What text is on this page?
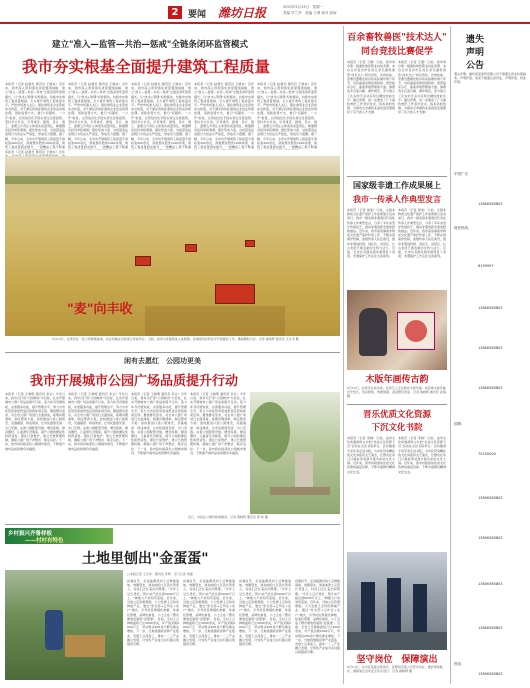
2	要闻 潍坊日报	2023年5月15日　星期一
责编 毕兰华　美编 王翠 校对 彭雨
建立"准入—监管—共治—惩戒"全链条闭环监管模式
我市夯实根基全面提升建筑工程质量
本报讯（记者 赵晨光 通讯员 王晓东）近年来，我市深入贯彻落实质量强国战略，建立"准入—监管—共治—惩戒"全链条闭环监管模式，以"技术+管理"双轮驱动，持续夯实建筑工程质量根基，全力提升建筑工程质量水平。严把市场准入关口，强化建筑业企业资质动态核查，对不满足资质标准的企业依法依规处理。创新监管方式，推行"双随机、一公开"检查，运用信息化手段实现全过程监管。坚持多方共治，引导建设、勘察、设计、施工、监理五方责任主体落实质量责任，畅通群众投诉举报渠道。强化惩戒力度，对质量违法违规行为依法从严查处，形成有力震慑。据了解，今年以来，全市共开展建筑工程质量专项检查200余次，排查整改隐患1000余项，建筑工程质量稳步提升，一批精品工程不断涌
本报讯（记者 赵晨光 通讯员 王晓东）近年来，我市深入贯彻落实质量强国战略，建立"准入—监管—共治—惩戒"全链条闭环监管模式，以"技术+管理"双轮驱动，持续夯实建筑工程质量根基，全力提升建筑工程质量水平。严把市场准入关口，强化建筑业企业资质动态核查，对不满足资质标准的企业依法依规处理。创新监管方式，推行"双随机、一公开"检查，运用信息化手段实现全过程监管。坚持多方共治，引导建设、勘察、设计、施工、监理五方责任主体落实质量责任，畅通群众投诉举报渠道。强化惩戒力度，对质量违法违规行为依法从严查处，形成有力震慑。据了解，今年以来，全市共开展建筑工程质量专项检查200余次，排查整改隐患1000余项，建筑工程质量稳步提升，一批精品工程不断涌
本报讯（记者 赵晨光 通讯员 王晓东）近年来，我市深入贯彻落实质量强国战略，建立"准入—监管—共治—惩戒"全链条闭环监管模式，以"技术+管理"双轮驱动，持续夯实建筑工程质量根基，全力提升建筑工程质量水平。严把市场准入关口，强化建筑业企业资质动态核查，对不满足资质标准的企业依法依规处理。创新监管方式，推行"双随机、一公开"检查，运用信息化手段实现全过程监管。坚持多方共治，引导建设、勘察、设计、施工、监理五方责任主体落实质量责任，畅通群众投诉举报渠道。强化惩戒力度，对质量违法违规行为依法从严查处，形成有力震慑。据了解，今年以来，全市共开展建筑工程质量专项检查200余次，排查整改隐患1000余项，建筑工程质量稳步提升，一批精品工程不断涌
本报讯（记者 赵晨光 通讯员 王晓东）近年来，我市深入贯彻落实质量强国战略，建立"准入—监管—共治—惩戒"全链条闭环监管模式，以"技术+管理"双轮驱动，持续夯实建筑工程质量根基，全力提升建筑工程质量水平。严把市场准入关口，强化建筑业企业资质动态核查，对不满足资质标准的企业依法依规处理。创新监管方式，推行"双随机、一公开"检查，运用信息化手段实现全过程监管。坚持多方共治，引导建设、勘察、设计、施工、监理五方责任主体落实质量责任，畅通群众投诉举报渠道。强化惩戒力度，对质量违法违规行为依法从严查处，形成有力震慑。据了解，今年以来，全市共开展建筑工程质量专项检查200余次，排查整改隐患1000余项，建筑工程质量稳步提升，一批精品工程不断涌
本报讯（记者 赵晨光 通讯员 王晓东）近年来，我市深入贯彻落实质量强国战略，建立"准入—监管—共治—惩戒"全链条闭环监管模式，以"技术+管理"双轮驱动，持续夯实建筑工程质量根基，全力提升建筑工程质量水平。严把市场准入关口，强化建筑业企业资质动态核查，对不满足资质标准的企业依法依规处理。创新监管方式，推行"双随机、一公开"检查，运用信息化手段实现全过程监管。坚持多方共治，引导建设、勘察、设计、施工、监理五方责任主体落实质量责任，畅通群众投诉举报渠道。强化惩戒力度，对质量违法违规行为依法从严查处，形成有力震慑。据了解，今年以来，全市共开展建筑工程质量专项检查200余次，排查整改隐患1000余项，建筑工程质量稳步提升，一批精品工程不断涌
本报讯（记者 赵晨光 通讯员 王晓东）近年
"麦"向丰收
5月14日，在寒亭区一处小麦种植基地，农业机械在田间进行麦收作业。当前，我市小麦陆续进入成熟期，各地组织农机有序开展夏收工作，确保颗粒归仓。记者 鲁晓辉 通讯员 王文平 摄
闲有去愿红　公园功更美
我市开展城市公园广场品质提升行动
本报讯（记者 王晓明 通讯员 李达）今年以来，我市以打造"公园城市"为目标，扎实开展城市公园广场品质提升行动，着力补齐设施短板，完善服务功能，提升管理水平，努力为市民营造更加舒适宜居的休闲空间。聚焦群众需求，对全市公园广场进行全面排查，梳理问题清单，制定整改方案。加快推进口袋公园建设，见缝插绿、拆违建绿，让市民推窗见绿、出门见园。完善公园配套设施，增设座椅、健身器材、儿童游乐设施等，提升公园的便民性和舒适性。强化日常管护，建立长效管理机制，确保公园广场干净整洁、秩序良好。下一步，我市将持续深化公园城市建设，不断提升城市品质和群众幸福感。
本报讯（记者 王晓明 通讯员 李达）今年以来，我市以打造"公园城市"为目标，扎实开展城市公园广场品质提升行动，着力补齐设施短板，完善服务功能，提升管理水平，努力为市民营造更加舒适宜居的休闲空间。聚焦群众需求，对全市公园广场进行全面排查，梳理问题清单，制定整改方案。加快推进口袋公园建设，见缝插绿、拆违建绿，让市民推窗见绿、出门见园。完善公园配套设施，增设座椅、健身器材、儿童游乐设施等，提升公园的便民性和舒适性。强化日常管护，建立长效管理机制，确保公园广场干净整洁、秩序良好。下一步，我市将持续深化公园城市建设，不断提升城市品质和群众幸福感。
本报讯（记者 王晓明 通讯员 李达）今年以来，我市以打造"公园城市"为目标，扎实开展城市公园广场品质提升行动，着力补齐设施短板，完善服务功能，提升管理水平，努力为市民营造更加舒适宜居的休闲空间。聚焦群众需求，对全市公园广场进行全面排查，梳理问题清单，制定整改方案。加快推进口袋公园建设，见缝插绿、拆违建绿，让市民推窗见绿、出门见园。完善公园配套设施，增设座椅、健身器材、儿童游乐设施等，提升公园的便民性和舒适性。强化日常管护，建立长效管理机制，确保公园广场干净整洁、秩序良好。下一步，我市将持续深化公园城市建设，不断提升城市品质和群众幸福感。
本报讯（记者 王晓明 通讯员 李达）今年以来，我市以打造"公园城市"为目标，扎实开展城市公园广场品质提升行动，着力补齐设施短板，完善服务功能，提升管理水平，努力为市民营造更加舒适宜居的休闲空间。聚焦群众需求，对全市公园广场进行全面排查，梳理问题清单，制定整改方案。加快推进口袋公园建设，见缝插绿、拆违建绿，让市民推窗见绿、出门见园。完善公园配套设施，增设座椅、健身器材、儿童游乐设施等，提升公园的便民性和舒适性。强化日常管护，建立长效管理机制，确保公园广场干净整洁、秩序良好。下一步，我市将持续深化公园城市建设，不断提升城市品质和群众幸福感。
近日，市民在公园内休闲健身。记者 鲁晓辉 通讯员 郭 炜 摄
乡村振兴齐鲁样板
——村村有特色
土地里刨出"金蛋蛋"
□本报记者 王文华　通讯员 李明　见习记者 刘强
初夏时节，走进临朐县的土豆种植基地，放眼望去，绿油油的土豆苗长势喜人，村民们正忙着田间管理。"今年土豆长势好，预计亩产能达到5000斤以上。"种植大户老刘笑着说。近年来，当地立足资源禀赋，大力发展土豆特色种植产业，通过"党支部+合作社+农户"模式，引导村民规模化种植、标准化管理、品牌化销售，小土豆成了群众增收致富的"金蛋蛋"。目前，全村土豆种植面积已达3000余亩，年产值突破2000万元，带动周边200余户群众就业增收。下一步，当地将继续延伸产业链条，发展土豆深加工，推动一二三产业融合发展，让特色产业成为乡村振兴的强劲引擎。
初夏时节，走进临朐县的土豆种植基地，放眼望去，绿油油的土豆苗长势喜人，村民们正忙着田间管理。"今年土豆长势好，预计亩产能达到5000斤以上。"种植大户老刘笑着说。近年来，当地立足资源禀赋，大力发展土豆特色种植产业，通过"党支部+合作社+农户"模式，引导村民规模化种植、标准化管理、品牌化销售，小土豆成了群众增收致富的"金蛋蛋"。目前，全村土豆种植面积已达3000余亩，年产值突破2000万元，带动周边200余户群众就业增收。下一步，当地将继续延伸产业链条，发展土豆深加工，推动一二三产业融合发展，让特色产业成为乡村振兴的强劲引擎。
初夏时节，走进临朐县的土豆种植基地，放眼望去，绿油油的土豆苗长势喜人，村民们正忙着田间管理。"今年土豆长势好，预计亩产能达到5000斤以上。"种植大户老刘笑着说。近年来，当地立足资源禀赋，大力发展土豆特色种植产业，通过"党支部+合作社+农户"模式，引导村民规模化种植、标准化管理、品牌化销售，小土豆成了群众增收致富的"金蛋蛋"。目前，全村土豆种植面积已达3000余亩，年产值突破2000万元，带动周边200余户群众就业增收。下一步，当地将继续延伸产业链条，发展土豆深加工，推动一二三产业融合发展，让特色产业成为乡村振兴的强劲引擎。
初夏时节，走进临朐县的土豆种植基地，放眼望去，绿油油的土豆苗长势喜人，村民们正忙着田间管理。"今年土豆长势好，预计亩产能达到5000斤以上。"种植大户老刘笑着说。近年来，当地立足资源禀赋，大力发展土豆特色种植产业，通过"党支部+合作社+农户"模式，引导村民规模化种植、标准化管理、品牌化销售，小土豆成了群众增收致富的"金蛋蛋"。目前，全村土豆种植面积已达3000余亩，年产值突破2000万元，带动周边200余户群众就业增收。下一步，当地将继续延伸产业链条，发展土豆深加工，推动一二三产业融合发展，让特色产业成为乡村振兴的强劲引擎。
百余畜牧兽医"技术达人"
同台竞技比赛促学
本报讯（记者 王刚）日前，我市举办第一届畜牧兽医职业技能竞赛，来自全市各县市区的百余名畜牧兽医"技术达人"同台竞技，比拼技能。竞赛设置理论知识和实际操作两个环节，内容涵盖动物疫病防控、兽医临床诊疗、畜禽养殖管理等方面。参赛选手沉着冷静、操作规范，充分展示了扎实的专业功底和过硬的技能水平。通过竞赛，进一步激发了广大畜牧兽医工作者学技术、练本领的热情，为推动全市畜牧业高质量发展提供了有力的人才支撑。
本报讯（记者 王刚）日前，我市举办第一届畜牧兽医职业技能竞赛，来自全市各县市区的百余名畜牧兽医"技术达人"同台竞技，比拼技能。竞赛设置理论知识和实际操作两个环节，内容涵盖动物疫病防控、兽医临床诊疗、畜禽养殖管理等方面。参赛选手沉着冷静、操作规范，充分展示了扎实的专业功底和过硬的技能水平。通过竞赛，进一步激发了广大畜牧兽医工作者学技术、练本领的热情，为推动全市畜牧业高质量发展提供了有力的人才支撑。
国家级非遗工作成果展上
我市一传承人作典型发言
本报讯（记者 徐加）日前，全国非物质文化遗产保护工作成果展示活动举行。我市一国家级非遗项目代表性传承人作典型发言，分享了多年来坚守传统技艺、推动非遗创新发展的经验做法。近年来，我市高度重视非物质文化遗产保护传承工作，不断完善保护机制，加强传承人队伍建设，推动非遗进校园、进社区、进景区，让古老技艺焕发新的生机与活力。目前，全市共有国家级非遗项目十余项，非遗保护工作走在全省前列。
本报讯（记者 徐加）日前，全国非物质文化遗产保护工作成果展示活动举行。我市一国家级非遗项目代表性传承人作典型发言，分享了多年来坚守传统技艺、推动非遗创新发展的经验做法。近年来，我市高度重视非物质文化遗产保护传承工作，不断完善保护机制，加强传承人队伍建设，推动非遗进校园、进社区、进景区，让古老技艺焕发新的生机与活力。目前，全市共有国家级非遗项目十余项，非遗保护工作走在全省前列。
木版年画传古韵
5月13日，在寒亭区杨家埠，民间艺人正在制作木版年画。杨家埠木版年画历史悠久，色彩鲜艳，构图饱满，深受群众喜爱。记者 鲁晓辉 通讯员 孙瑞 摄
晋乐优质文化资源
下沉文化书院
本报讯（记者 李晓）日前，由市文化和旅游局主办的"优质文化资源下沉"活动在文化书院举行。活动邀请专家学者走进书院，为市民带来精彩的文化讲座和文艺演出，让群众在家门口就能享受到丰富多彩的文化大餐。近年来，我市持续推动优质文化资源向基层延伸，不断丰富群众精神文化生活。
本报讯（记者 李晓）日前，由市文化和旅游局主办的"优质文化资源下沉"活动在文化书院举行。活动邀请专家学者走进书院，为市民带来精彩的文化讲座和文艺演出，让群众在家门口就能享受到丰富多彩的文化大餐。近年来，我市持续推动优质文化资源向基层延伸，不断丰富群众精神文化生活。
坚守岗位　保障演出
5月14日，在市区某演出场馆外，民警和安保人员坚守岗位，维护现场秩序，确保演出活动安全有序进行。记者 鲁晓辉 摄
遗失
声明
公告
遗失声明：潍坊某某商贸有限公司不慎遗失营业执照副本，声明作废。某某不慎遗失身份证，声明作废。特此声明。
中国广告
13806360803
便民热线：
8199997
13806360803
13806360803
13806360803
招聘：
70150000
13806360803
13806360803
13806360803
13806360803
热线：
13806360803
